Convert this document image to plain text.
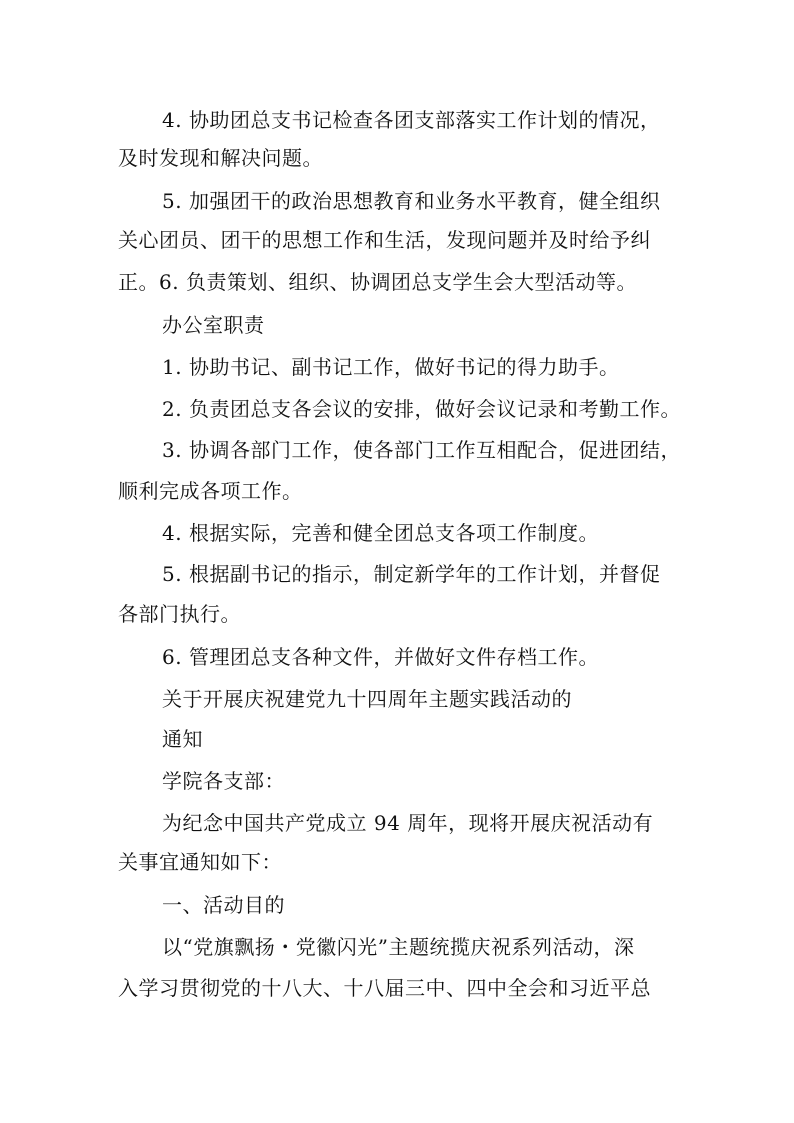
4. 协助团总支书记检查各团支部落实工作计划的情况，
及时发现和解决问题。
5. 加强团干的政治思想教育和业务水平教育，健全组织
关心团员、团干的思想工作和生活，发现问题并及时给予纠
正。6. 负责策划、组织、协调团总支学生会大型活动等。
办公室职责
1. 协助书记、副书记工作，做好书记的得力助手。
2. 负责团总支各会议的安排，做好会议记录和考勤工作。
3. 协调各部门工作，使各部门工作互相配合，促进团结，
顺利完成各项工作。
4. 根据实际，完善和健全团总支各项工作制度。
5. 根据副书记的指示，制定新学年的工作计划，并督促
各部门执行。
6. 管理团总支各种文件，并做好文件存档工作。
关于开展庆祝建党九十四周年主题实践活动的
通知
学院各支部：
为纪念中国共产党成立 94 周年，现将开展庆祝活动有
关事宜通知如下：
一、活动目的
以“党旗飘扬・党徽闪光”主题统揽庆祝系列活动，深
入学习贯彻党的十八大、十八届三中、四中全会和习近平总
